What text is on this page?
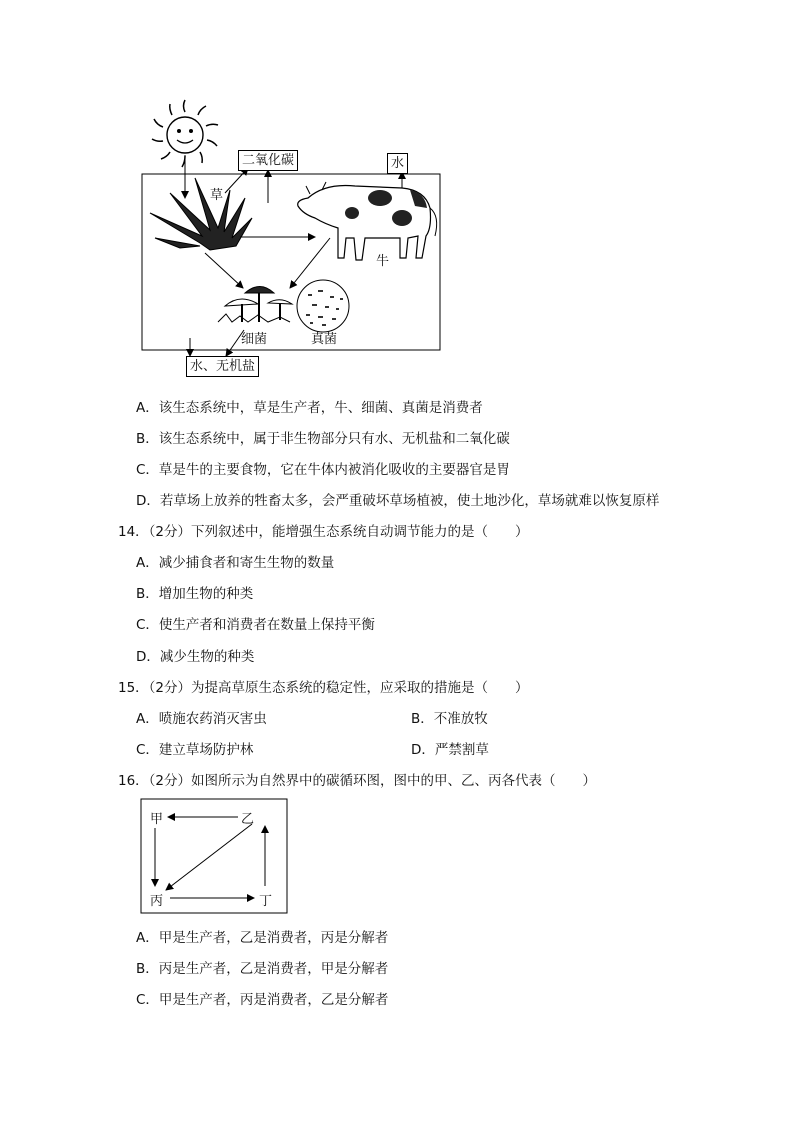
二氧化碳	水
草
牛
细菌	真菌
水、无机盐
A．该生态系统中，草是生产者，牛、细菌、真菌是消费者
B．该生态系统中，属于非生物部分只有水、无机盐和二氧化碳
C．草是牛的主要食物，它在牛体内被消化吸收的主要器官是胃
D．若草场上放养的牲畜太多，会严重破坏草场植被，使土地沙化，草场就难以恢复原样
14．（2分）下列叙述中，能增强生态系统自动调节能力的是（　　）
A．减少捕食者和寄生生物的数量
B．增加生物的种类
C．使生产者和消费者在数量上保持平衡
D．减少生物的种类
15．（2分）为提高草原生态系统的稳定性，应采取的措施是（　　）
A．喷施农药消灭害虫	B．不准放牧
C．建立草场防护林	D．严禁割草
16．（2分）如图所示为自然界中的碳循环图，图中的甲、乙、丙各代表（　　）
甲	乙
丙	丁
A．甲是生产者，乙是消费者，丙是分解者
B．丙是生产者，乙是消费者，甲是分解者
C．甲是生产者，丙是消费者，乙是分解者
